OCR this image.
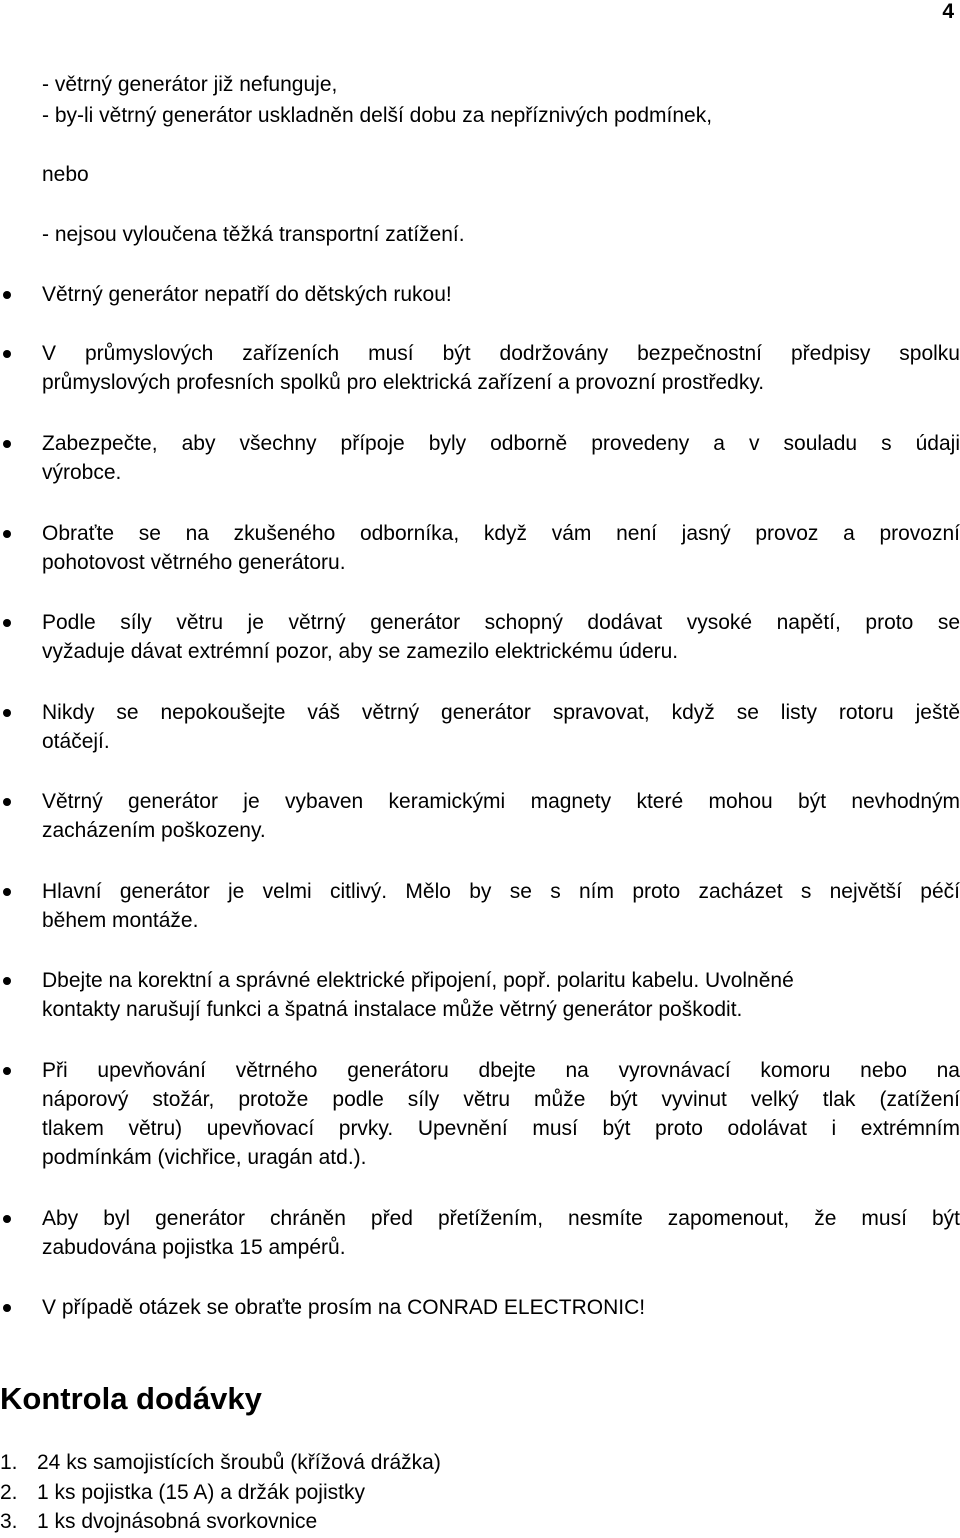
4
- větrný generátor již nefunguje,
- by-li větrný generátor uskladněn delší dobu za nepříznivých podmínek,
nebo
- nejsou vyloučena těžká transportní zatížení.
Větrný generátor nepatří do dětských rukou!
V průmyslových zařízeních musí být dodržovány bezpečnostní předpisy spolku
průmyslových profesních spolků pro elektrická zařízení a provozní prostředky.
Zabezpečte, aby všechny přípoje byly odborně provedeny a v souladu s údaji
výrobce.
Obraťte se na zkušeného odborníka, když vám není jasný provoz a provozní
pohotovost větrného generátoru.
Podle síly větru je větrný generátor schopný dodávat vysoké napětí, proto se
vyžaduje dávat extrémní pozor, aby se zamezilo elektrickému úderu.
Nikdy se nepokoušejte váš větrný generátor spravovat, když se listy rotoru ještě
otáčejí.
Větrný generátor je vybaven keramickými magnety které mohou být nevhodným
zacházením poškozeny.
Hlavní generátor je velmi citlivý. Mělo by se s ním proto zacházet s největší péčí
během montáže.
Dbejte na korektní a správné elektrické připojení, popř. polaritu kabelu. Uvolněné
kontakty narušují funkci a špatná instalace může větrný generátor poškodit.
Při upevňování větrného generátoru dbejte na vyrovnávací komoru nebo na
náporový stožár, protože podle síly větru může být vyvinut velký tlak (zatížení
tlakem větru) upevňovací prvky. Upevnění musí být proto odolávat i extrémním
podmínkám (vichřice, uragán atd.).
Aby byl generátor chráněn před přetížením, nesmíte zapomenout, že musí být
zabudována pojistka 15 ampérů.
V případě otázek se obraťte prosím na CONRAD ELECTRONIC!
Kontrola dodávky
1. 24 ks samojistících šroubů (křížová drážka)
2. 1 ks pojistka (15 A) a držák pojistky
3. 1 ks dvojnásobná svorkovnice
